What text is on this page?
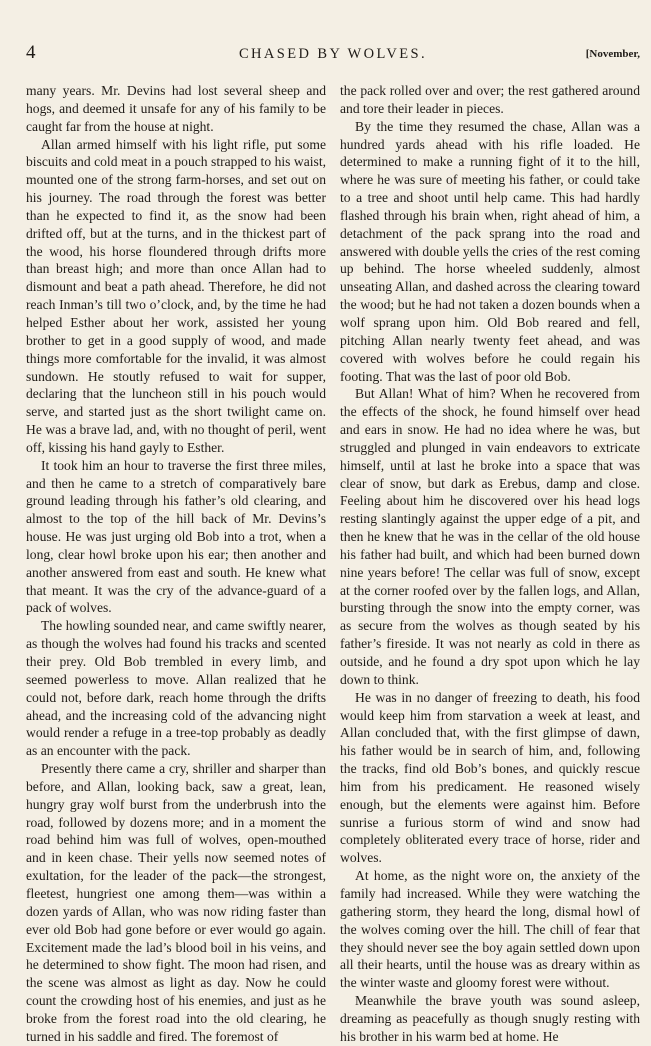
4	CHASED BY WOLVES.	[November,

many years. Mr. Devins had lost several sheep and hogs, and deemed it unsafe for any of his family to be caught far from the house at night.

Allan armed himself with his light rifle, put some biscuits and cold meat in a pouch strapped to his waist, mounted one of the strong farm-horses, and set out on his journey. The road through the forest was better than he expected to find it, as the snow had been drifted off, but at the turns, and in the thickest part of the wood, his horse floundered through drifts more than breast high; and more than once Allan had to dismount and beat a path ahead. Therefore, he did not reach Inman’s till two o’clock, and, by the time he had helped Esther about her work, assisted her young brother to get in a good supply of wood, and made things more comfortable for the invalid, it was almost sundown. He stoutly refused to wait for supper, declaring that the luncheon still in his pouch would serve, and started just as the short twilight came on. He was a brave lad, and, with no thought of peril, went off, kissing his hand gayly to Esther.

It took him an hour to traverse the first three miles, and then he came to a stretch of comparatively bare ground leading through his father’s old clearing, and almost to the top of the hill back of Mr. Devins’s house. He was just urging old Bob into a trot, when a long, clear howl broke upon his ear; then another and another answered from east and south. He knew what that meant. It was the cry of the advance-guard of a pack of wolves.

The howling sounded near, and came swiftly nearer, as though the wolves had found his tracks and scented their prey. Old Bob trembled in every limb, and seemed powerless to move. Allan realized that he could not, before dark, reach home through the drifts ahead, and the increasing cold of the advancing night would render a refuge in a tree-top probably as deadly as an encounter with the pack.

Presently there came a cry, shriller and sharper than before, and Allan, looking back, saw a great, lean, hungry gray wolf burst from the underbrush into the road, followed by dozens more; and in a moment the road behind him was full of wolves, open-mouthed and in keen chase. Their yells now seemed notes of exultation, for the leader of the pack—the strongest, fleetest, hungriest one among them—was within a dozen yards of Allan, who was now riding faster than ever old Bob had gone before or ever would go again. Excitement made the lad’s blood boil in his veins, and he determined to show fight. The moon had risen, and the scene was almost as light as day. Now he could count the crowding host of his enemies, and just as he broke from the forest road into the old clearing, he turned in his saddle and fired. The foremost of

the pack rolled over and over; the rest gathered around and tore their leader in pieces.

By the time they resumed the chase, Allan was a hundred yards ahead with his rifle loaded. He determined to make a running fight of it to the hill, where he was sure of meeting his father, or could take to a tree and shoot until help came. This had hardly flashed through his brain when, right ahead of him, a detachment of the pack sprang into the road and answered with double yells the cries of the rest coming up behind. The horse wheeled suddenly, almost unseating Allan, and dashed across the clearing toward the wood; but he had not taken a dozen bounds when a wolf sprang upon him. Old Bob reared and fell, pitching Allan nearly twenty feet ahead, and was covered with wolves before he could regain his footing. That was the last of poor old Bob.

But Allan! What of him? When he recovered from the effects of the shock, he found himself over head and ears in snow. He had no idea where he was, but struggled and plunged in vain endeavors to extricate himself, until at last he broke into a space that was clear of snow, but dark as Erebus, damp and close. Feeling about him he discovered over his head logs resting slantingly against the upper edge of a pit, and then he knew that he was in the cellar of the old house his father had built, and which had been burned down nine years before! The cellar was full of snow, except at the corner roofed over by the fallen logs, and Allan, bursting through the snow into the empty corner, was as secure from the wolves as though seated by his father’s fireside. It was not nearly as cold in there as outside, and he found a dry spot upon which he lay down to think.

He was in no danger of freezing to death, his food would keep him from starvation a week at least, and Allan concluded that, with the first glimpse of dawn, his father would be in search of him, and, following the tracks, find old Bob’s bones, and quickly rescue him from his predicament. He reasoned wisely enough, but the elements were against him. Before sunrise a furious storm of wind and snow had completely obliterated every trace of horse, rider and wolves.

At home, as the night wore on, the anxiety of the family had increased. While they were watching the gathering storm, they heard the long, dismal howl of the wolves coming over the hill. The chill of fear that they should never see the boy again settled down upon all their hearts, until the house was as dreary within as the winter waste and gloomy forest were without.

Meanwhile the brave youth was sound asleep, dreaming as peacefully as though snugly resting with his brother in his warm bed at home. He
